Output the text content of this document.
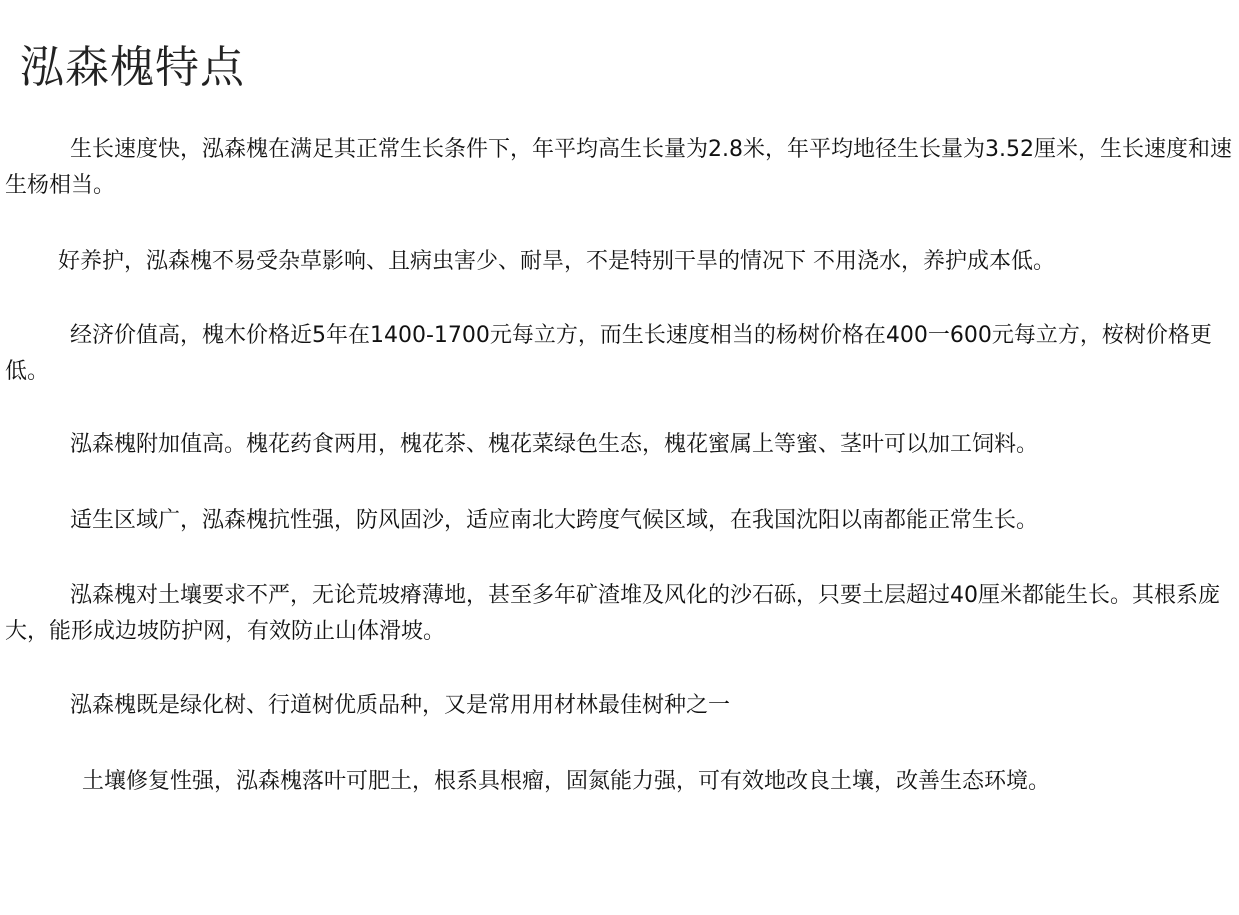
泓森槐特点

生长速度快，泓森槐在满足其正常生长条件下，年平均高生长量为2.8米，年平均地径生长量为3.52厘米，生长速度和速生杨相当。

好养护，泓森槐不易受杂草影响、且病虫害少、耐旱，不是特别干旱的情况下 不用浇水，养护成本低。

经济价值高，槐木价格近5年在1400-1700元每立方，而生长速度相当的杨树价格在400一600元每立方，桉树价格更低。

泓森槐附加值高。槐花药食两用，槐花茶、槐花菜绿色生态，槐花蜜属上等蜜、茎叶可以加工饲料。

适生区域广，泓森槐抗性强，防风固沙，适应南北大跨度气候区域，在我国沈阳以南都能正常生长。

泓森槐对土壤要求不严，无论荒坡瘠薄地，甚至多年矿渣堆及风化的沙石砾，只要土层超过40厘米都能生长。其根系庞大，能形成边坡防护网，有效防止山体滑坡。

泓森槐既是绿化树、行道树优质品种，又是常用用材林最佳树种之一

土壤修复性强，泓森槐落叶可肥土，根系具根瘤，固氮能力强，可有效地改良土壤，改善生态环境。
